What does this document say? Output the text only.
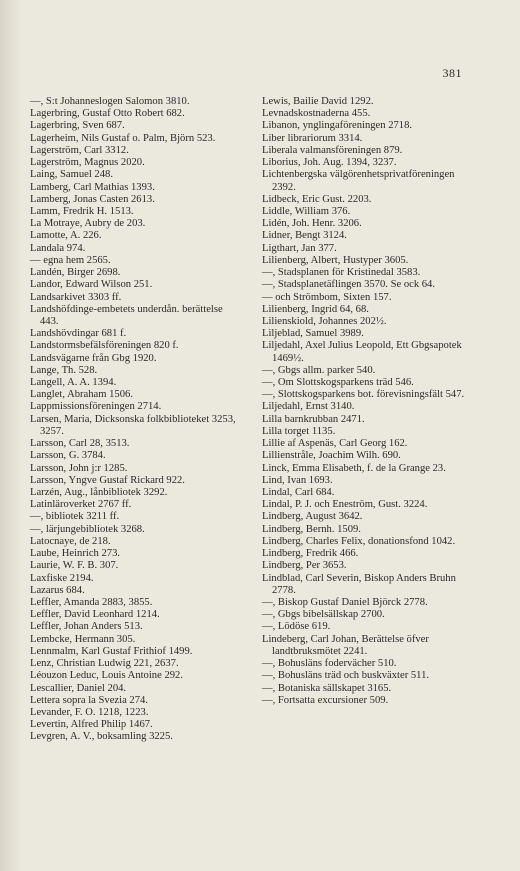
381
—, S:t Johanneslogen Salomon 3810.
Lagerbring, Gustaf Otto Robert 682.
Lagerbring, Sven 687.
Lagerheim, Nils Gustaf o. Palm, Björn 523.
Lagerström, Carl 3312.
Lagerström, Magnus 2020.
Laing, Samuel 248.
Lamberg, Carl Mathias 1393.
Lamberg, Jonas Casten 2613.
Lamm, Fredrik H. 1513.
La Motraye, Aubry de 203.
Lamotte, A. 226.
Landala 974.
— egna hem 2565.
Landén, Birger 2698.
Landor, Edward Wilson 251.
Landsarkivet 3303 ff.
Landshöfdinge-embetets underdån. berättelse 443.
Landshövdingar 681 f.
Landstormsbefälsföreningen 820 f.
Landsvägarne från Gbg 1920.
Lange, Th. 528.
Langell, A. A. 1394.
Langlet, Abraham 1506.
Lappmissionsföreningen 2714.
Larsen, Maria, Dicksonska folkbiblioteket 3253, 3257.
Larsson, Carl 28, 3513.
Larsson, G. 3784.
Larsson, John j:r 1285.
Larsson, Yngve Gustaf Rickard 922.
Larzén, Aug., lånbibliotek 3292.
Latinläroverket 2767 ff.
—, bibliotek 3211 ff.
—, lärjungebibliotek 3268.
Latocnaye, de 218.
Laube, Heinrich 273.
Laurie, W. F. B. 307.
Laxfiske 2194.
Lazarus 684.
Leffler, Amanda 2883, 3855.
Leffler, David Leonhard 1214.
Leffler, Johan Anders 513.
Lembcke, Hermann 305.
Lennmalm, Karl Gustaf Frithiof 1499.
Lenz, Christian Ludwig 221, 2637.
Léouzon Leduc, Louis Antoine 292.
Lescallier, Daniel 204.
Lettera sopra la Svezia 274.
Levander, F. O. 1218, 1223.
Levertin, Alfred Philip 1467.
Levgren, A. V., boksamling 3225.
Lewis, Bailie David 1292.
Levnadskostnaderna 455.
Libanon, ynglingaföreningen 2718.
Liber librariorum 3314.
Liberala valmansföreningen 879.
Liborius, Joh. Aug. 1394, 3237.
Lichtenbergska välgörenhetsprivatföreningen 2392.
Lidbeck, Eric Gust. 2203.
Liddle, William 376.
Lidén, Joh. Henr. 3206.
Lidner, Bengt 3124.
Ligthart, Jan 377.
Lilienberg, Albert, Hustyper 3605.
—, Stadsplanen för Kristinedal 3583.
—, Stadsplanetäflingen 3570. Se ock 64.
— och Strömbom, Sixten 157.
Lilienberg, Ingrid 64, 68.
Lilienskiold, Johannes 202½.
Liljeblad, Samuel 3989.
Liljedahl, Axel Julius Leopold, Ett Gbgsapotek 1469½.
—, Gbgs allm. parker 540.
—, Om Slottskogsparkens träd 546.
—, Slottskogsparkens bot. förevisningsfält 547.
Liljedahl, Ernst 3140.
Lilla barnkrubban 2471.
Lilla torget 1135.
Lillie af Aspenäs, Carl Georg 162.
Lillienstråle, Joachim Wilh. 690.
Linck, Emma Elisabeth, f. de la Grange 23.
Lind, Ivan 1693.
Lindal, Carl 684.
Lindal, P. J. och Eneström, Gust. 3224.
Lindberg, August 3642.
Lindberg, Bernh. 1509.
Lindberg, Charles Felix, donationsfond 1042.
Lindberg, Fredrik 466.
Lindberg, Per 3653.
Lindblad, Carl Severin, Biskop Anders Bruhn 2778.
—, Biskop Gustaf Daniel Björck 2778.
—, Gbgs bibelsällskap 2700.
—, Lödöse 619.
Lindeberg, Carl Johan, Berättelse öfver landtbruksmötet 2241.
—, Bohusläns fodervächer 510.
—, Bohusläns träd och buskväxter 511.
—, Botaniska sällskapet 3165.
—, Fortsatta excursioner 509.
